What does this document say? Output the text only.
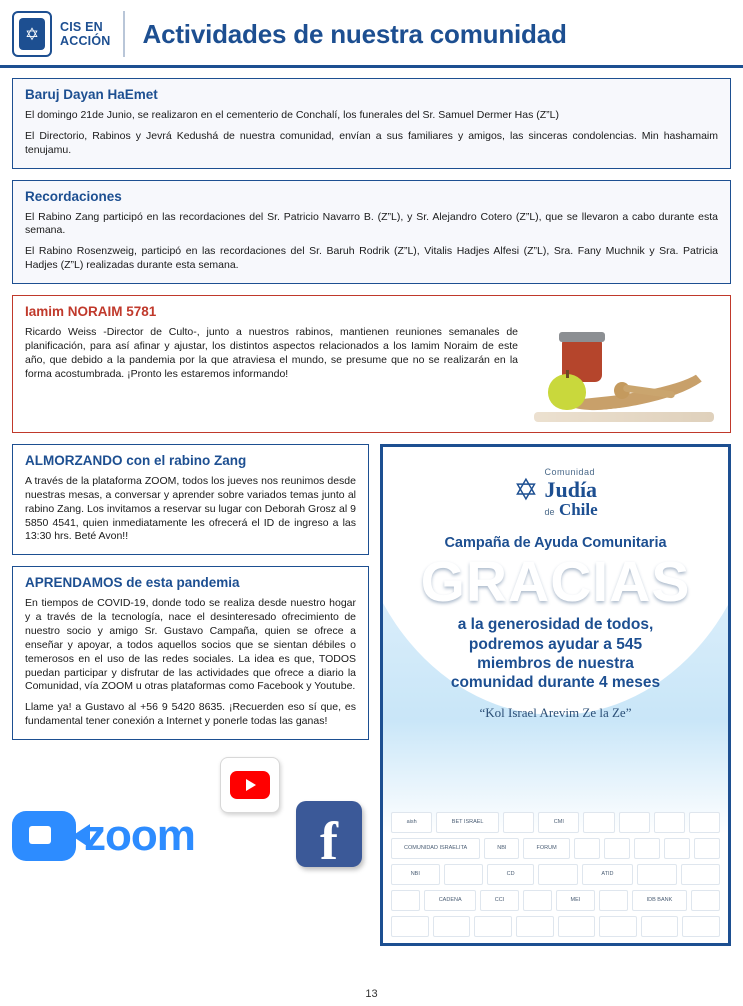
✡ CIS EN
ACCIÓN Actividades de nuestra comunidad
Baruj Dayan HaEmet

El domingo 21de Junio, se realizaron en el cementerio de Conchalí, los funerales del Sr. Samuel Dermer Has (Z”L)

El Directorio, Rabinos y Jevrá Kedushá de nuestra comunidad, envían a sus familiares y amigos, las sinceras condolencias. Min hashamaim tenujamu.

Recordaciones

El Rabino Zang participó en las recordaciones del Sr. Patricio Navarro B. (Z”L), y Sr. Alejandro Cotero (Z”L), que se llevaron a cabo durante esta semana.

El Rabino Rosenzweig, participó en las recordaciones del Sr. Baruh Rodrik (Z”L), Vitalis Hadjes Alfesi (Z”L), Sra. Fany Muchnik y Sra. Patricia Hadjes (Z”L) realizadas durante esta semana.

Iamim NORAIM 5781

Ricardo Weiss -Director de Culto-, junto a nuestros rabinos, mantienen reuniones semanales de planificación, para así afinar y ajustar, los distintos aspectos relacionados a los Iamim Noraim de este año, que debido a la pandemia por la que atraviesa el mundo, se presume que no se realizarán en la forma acostumbrada. ¡Pronto les estaremos informando!

ALMORZANDO con el rabino Zang

A través de la plataforma ZOOM, todos los jueves nos reunimos desde nuestras mesas, a conversar y aprender sobre variados temas junto al rabino Zang. Los invitamos a reservar su lugar con Deborah Grosz al 9 5850 4541, quien inmediatamente les ofrecerá el ID de ingreso a las 13:30 hrs. Beté Avon!!

APRENDAMOS de esta pandemia

En tiempos de COVID-19, donde todo se realiza desde nuestro hogar y a través de la tecnología, nace el desinteresado ofrecimiento de nuestro socio y amigo Sr. Gustavo Campaña, quien se ofrece a enseñar y apoyar, a todos aquellos socios que se sientan débiles o temerosos en el uso de las redes sociales. La idea es que, TODOS puedan participar y disfrutar de las actividades que ofrece a diario la Comunidad, vía ZOOM u otras plataformas como Facebook y Youtube.

Llame ya! a Gustavo al +56 9 5420 8635. ¡Recuerden eso sí que, es fundamental tener conexión a Internet y ponerle todas las ganas!

f
zoom
✡
Comunidad
Judía
de Chile
Campaña de Ayuda Comunitaria
GRACIAS
a la generosidad de todos,
podremos ayudar a 545
miembros de nuestra
comunidad durante 4 meses
“Kol Israel Arevim Ze la Ze”
aish	BET ISRAEL	CMI
COMUNIDAD ISRAELITA	NBI	FORUM
NBI	CD	ATID
CADENA	CCI	MEI	IDB BANK
13
